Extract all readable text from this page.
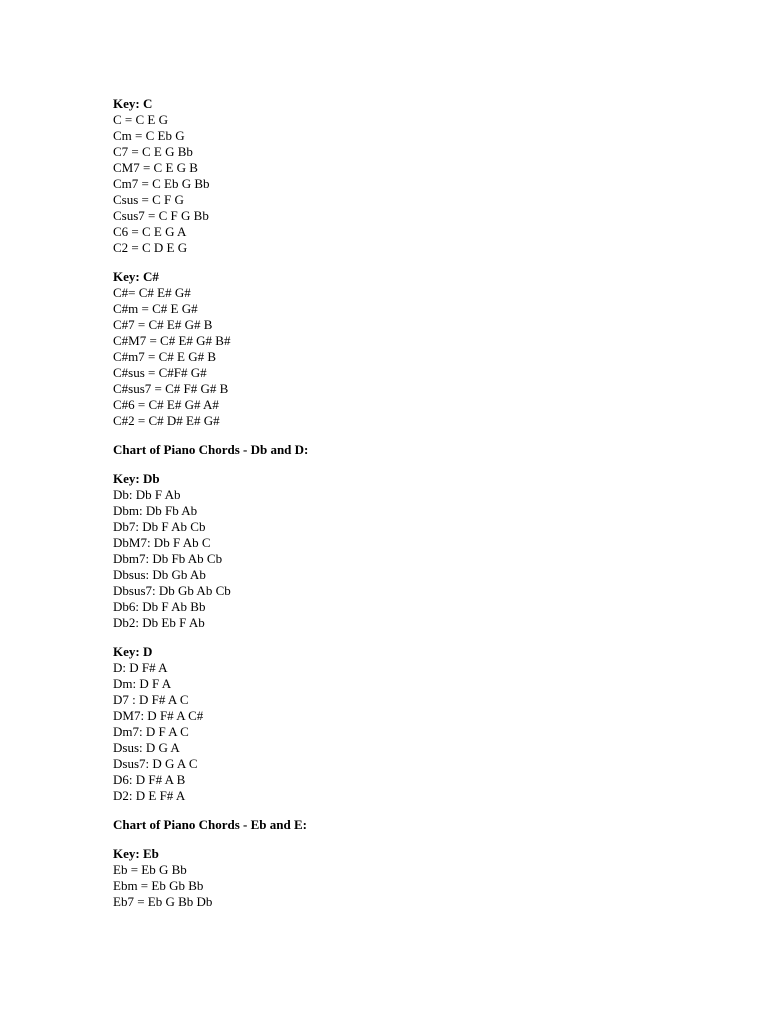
Key: C
C = C E G
Cm = C Eb G
C7 = C E G Bb
CM7 = C E G B
Cm7 = C Eb G Bb
Csus = C F G
Csus7 = C F G Bb
C6 = C E G A
C2 = C D E G
Key: C#
C#= C# E# G#
C#m = C# E G#
C#7 = C# E# G# B
C#M7 = C# E# G# B#
C#m7 = C# E G# B
C#sus = C#F# G#
C#sus7 = C# F# G# B
C#6 = C# E# G# A#
C#2 = C# D# E# G#
Chart of Piano Chords - Db and D:
Key: Db
Db: Db F Ab
Dbm: Db Fb Ab
Db7: Db F Ab Cb
DbM7: Db F Ab C
Dbm7: Db Fb Ab Cb
Dbsus: Db Gb Ab
Dbsus7: Db Gb Ab Cb
Db6: Db F Ab Bb
Db2: Db Eb F Ab
Key: D
D: D F# A
Dm: D F A
D7 : D F# A C
DM7: D F# A C#
Dm7: D F A C
Dsus: D G A
Dsus7: D G A C
D6: D F# A B
D2: D E F# A
Chart of Piano Chords - Eb and E:
Key: Eb
Eb = Eb G Bb
Ebm = Eb Gb Bb
Eb7 = Eb G Bb Db
